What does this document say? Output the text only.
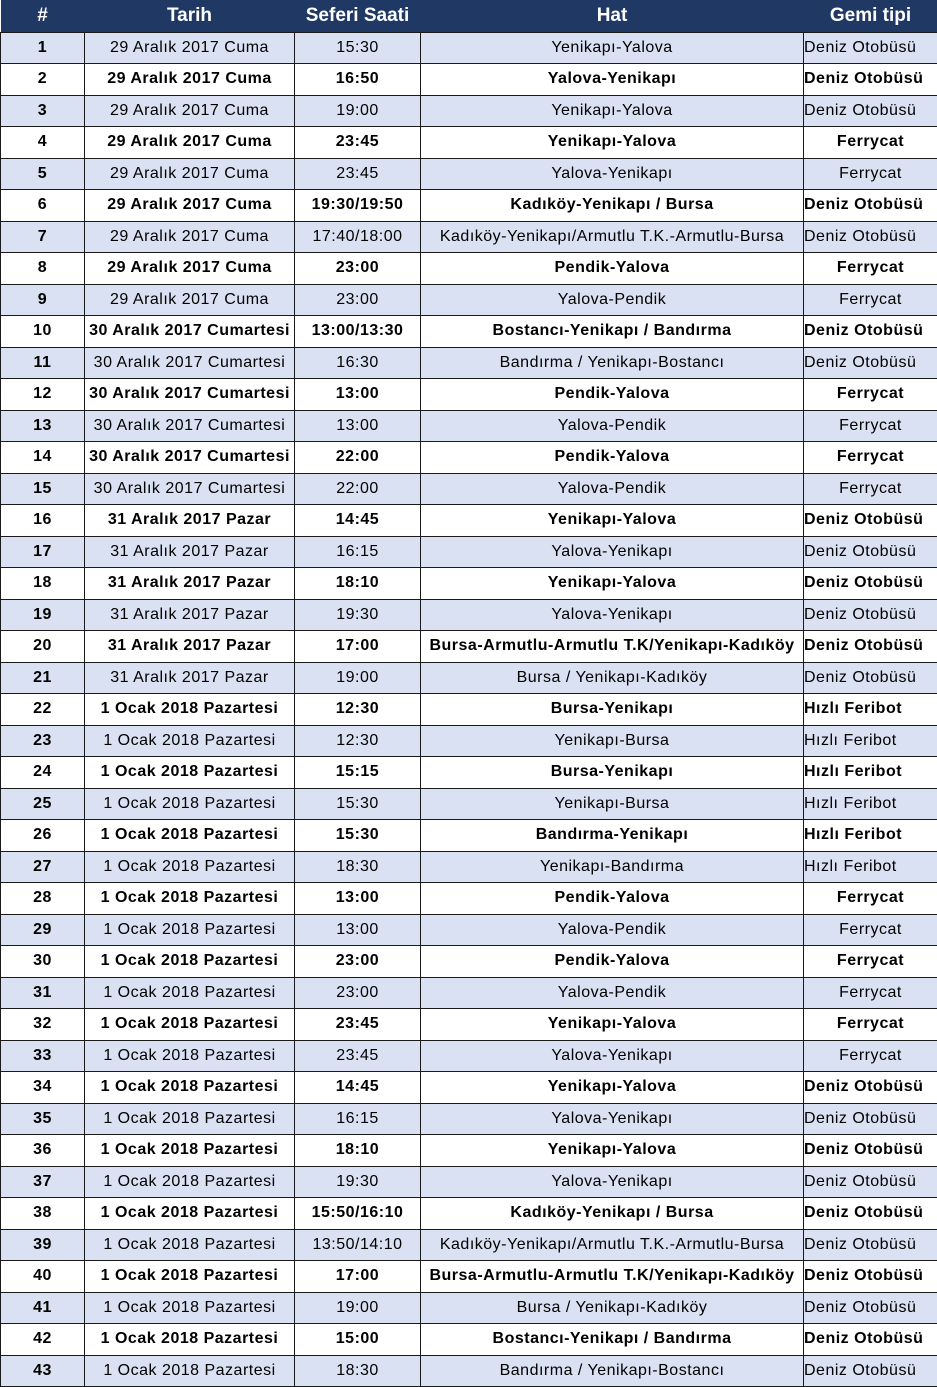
#	Tarih	Seferi Saati	Hat	Gemi tipi
1	29 Aralık 2017 Cuma	15:30	Yenikapı-Yalova	Deniz Otobüsü
2	29 Aralık 2017 Cuma	16:50	Yalova-Yenikapı	Deniz Otobüsü
3	29 Aralık 2017 Cuma	19:00	Yenikapı-Yalova	Deniz Otobüsü
4	29 Aralık 2017 Cuma	23:45	Yenikapı-Yalova	Ferrycat
5	29 Aralık 2017 Cuma	23:45	Yalova-Yenikapı	Ferrycat
6	29 Aralık 2017 Cuma	19:30/19:50	Kadıköy-Yenikapı / Bursa	Deniz Otobüsü
7	29 Aralık 2017 Cuma	17:40/18:00	Kadıköy-Yenikapı/Armutlu T.K.-Armutlu-Bursa	Deniz Otobüsü
8	29 Aralık 2017 Cuma	23:00	Pendik-Yalova	Ferrycat
9	29 Aralık 2017 Cuma	23:00	Yalova-Pendik	Ferrycat
10	30 Aralık 2017 Cumartesi	13:00/13:30	Bostancı-Yenikapı / Bandırma	Deniz Otobüsü
11	30 Aralık 2017 Cumartesi	16:30	Bandırma / Yenikapı-Bostancı	Deniz Otobüsü
12	30 Aralık 2017 Cumartesi	13:00	Pendik-Yalova	Ferrycat
13	30 Aralık 2017 Cumartesi	13:00	Yalova-Pendik	Ferrycat
14	30 Aralık 2017 Cumartesi	22:00	Pendik-Yalova	Ferrycat
15	30 Aralık 2017 Cumartesi	22:00	Yalova-Pendik	Ferrycat
16	31 Aralık 2017 Pazar	14:45	Yenikapı-Yalova	Deniz Otobüsü
17	31 Aralık 2017 Pazar	16:15	Yalova-Yenikapı	Deniz Otobüsü
18	31 Aralık 2017 Pazar	18:10	Yenikapı-Yalova	Deniz Otobüsü
19	31 Aralık 2017 Pazar	19:30	Yalova-Yenikapı	Deniz Otobüsü
20	31 Aralık 2017 Pazar	17:00	Bursa-Armutlu-Armutlu T.K/Yenikapı-Kadıköy	Deniz Otobüsü
21	31 Aralık 2017 Pazar	19:00	Bursa / Yenikapı-Kadıköy	Deniz Otobüsü
22	1 Ocak 2018 Pazartesi	12:30	Bursa-Yenikapı	Hızlı Feribot
23	1 Ocak 2018 Pazartesi	12:30	Yenikapı-Bursa	Hızlı Feribot
24	1 Ocak 2018 Pazartesi	15:15	Bursa-Yenikapı	Hızlı Feribot
25	1 Ocak 2018 Pazartesi	15:30	Yenikapı-Bursa	Hızlı Feribot
26	1 Ocak 2018 Pazartesi	15:30	Bandırma-Yenikapı	Hızlı Feribot
27	1 Ocak 2018 Pazartesi	18:30	Yenikapı-Bandırma	Hızlı Feribot
28	1 Ocak 2018 Pazartesi	13:00	Pendik-Yalova	Ferrycat
29	1 Ocak 2018 Pazartesi	13:00	Yalova-Pendik	Ferrycat
30	1 Ocak 2018 Pazartesi	23:00	Pendik-Yalova	Ferrycat
31	1 Ocak 2018 Pazartesi	23:00	Yalova-Pendik	Ferrycat
32	1 Ocak 2018 Pazartesi	23:45	Yenikapı-Yalova	Ferrycat
33	1 Ocak 2018 Pazartesi	23:45	Yalova-Yenikapı	Ferrycat
34	1 Ocak 2018 Pazartesi	14:45	Yenikapı-Yalova	Deniz Otobüsü
35	1 Ocak 2018 Pazartesi	16:15	Yalova-Yenikapı	Deniz Otobüsü
36	1 Ocak 2018 Pazartesi	18:10	Yenikapı-Yalova	Deniz Otobüsü
37	1 Ocak 2018 Pazartesi	19:30	Yalova-Yenikapı	Deniz Otobüsü
38	1 Ocak 2018 Pazartesi	15:50/16:10	Kadıköy-Yenikapı / Bursa	Deniz Otobüsü
39	1 Ocak 2018 Pazartesi	13:50/14:10	Kadıköy-Yenikapı/Armutlu T.K.-Armutlu-Bursa	Deniz Otobüsü
40	1 Ocak 2018 Pazartesi	17:00	Bursa-Armutlu-Armutlu T.K/Yenikapı-Kadıköy	Deniz Otobüsü
41	1 Ocak 2018 Pazartesi	19:00	Bursa / Yenikapı-Kadıköy	Deniz Otobüsü
42	1 Ocak 2018 Pazartesi	15:00	Bostancı-Yenikapı / Bandırma	Deniz Otobüsü
43	1 Ocak 2018 Pazartesi	18:30	Bandırma / Yenikapı-Bostancı	Deniz Otobüsü
